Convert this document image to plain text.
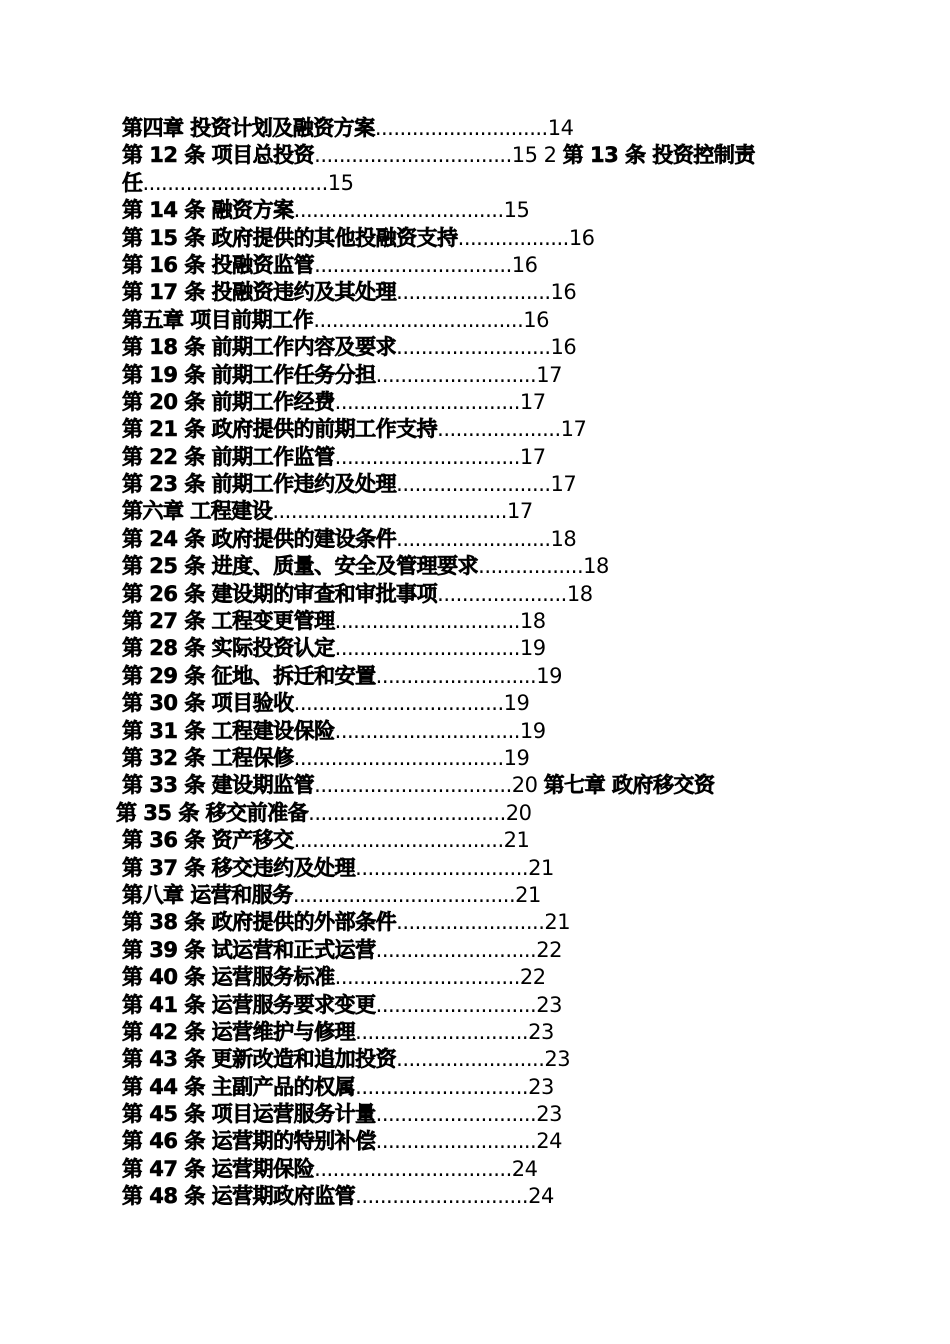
第四章 投资计划及融资方案............................14
第 12 条 项目总投资................................15 2 第 13 条 投资控制责
任..............................15
第 14 条 融资方案..................................15
第 15 条 政府提供的其他投融资支持..................16
第 16 条 投融资监管................................16
第 17 条 投融资违约及其处理.........................16
第五章 项目前期工作..................................16
第 18 条 前期工作内容及要求.........................16
第 19 条 前期工作任务分担..........................17
第 20 条 前期工作经费..............................17
第 21 条 政府提供的前期工作支持....................17
第 22 条 前期工作监管..............................17
第 23 条 前期工作违约及处理.........................17
第六章 工程建设......................................17
第 24 条 政府提供的建设条件.........................18
第 25 条 进度、质量、安全及管理要求.................18
第 26 条 建设期的审查和审批事项.....................18
第 27 条 工程变更管理..............................18
第 28 条 实际投资认定..............................19
第 29 条 征地、拆迁和安置..........................19
第 30 条 项目验收..................................19
第 31 条 工程建设保险..............................19
第 32 条 工程保修..................................19
第 33 条 建设期监管................................20 第七章 政府移交资
第 35 条 移交前准备................................20
第 36 条 资产移交..................................21
第 37 条 移交违约及处理............................21
第八章 运营和服务....................................21
第 38 条 政府提供的外部条件........................21
第 39 条 试运营和正式运营..........................22
第 40 条 运营服务标准..............................22
第 41 条 运营服务要求变更..........................23
第 42 条 运营维护与修理............................23
第 43 条 更新改造和追加投资........................23
第 44 条 主副产品的权属............................23
第 45 条 项目运营服务计量..........................23
第 46 条 运营期的特别补偿..........................24
第 47 条 运营期保险................................24
第 48 条 运营期政府监管............................24
